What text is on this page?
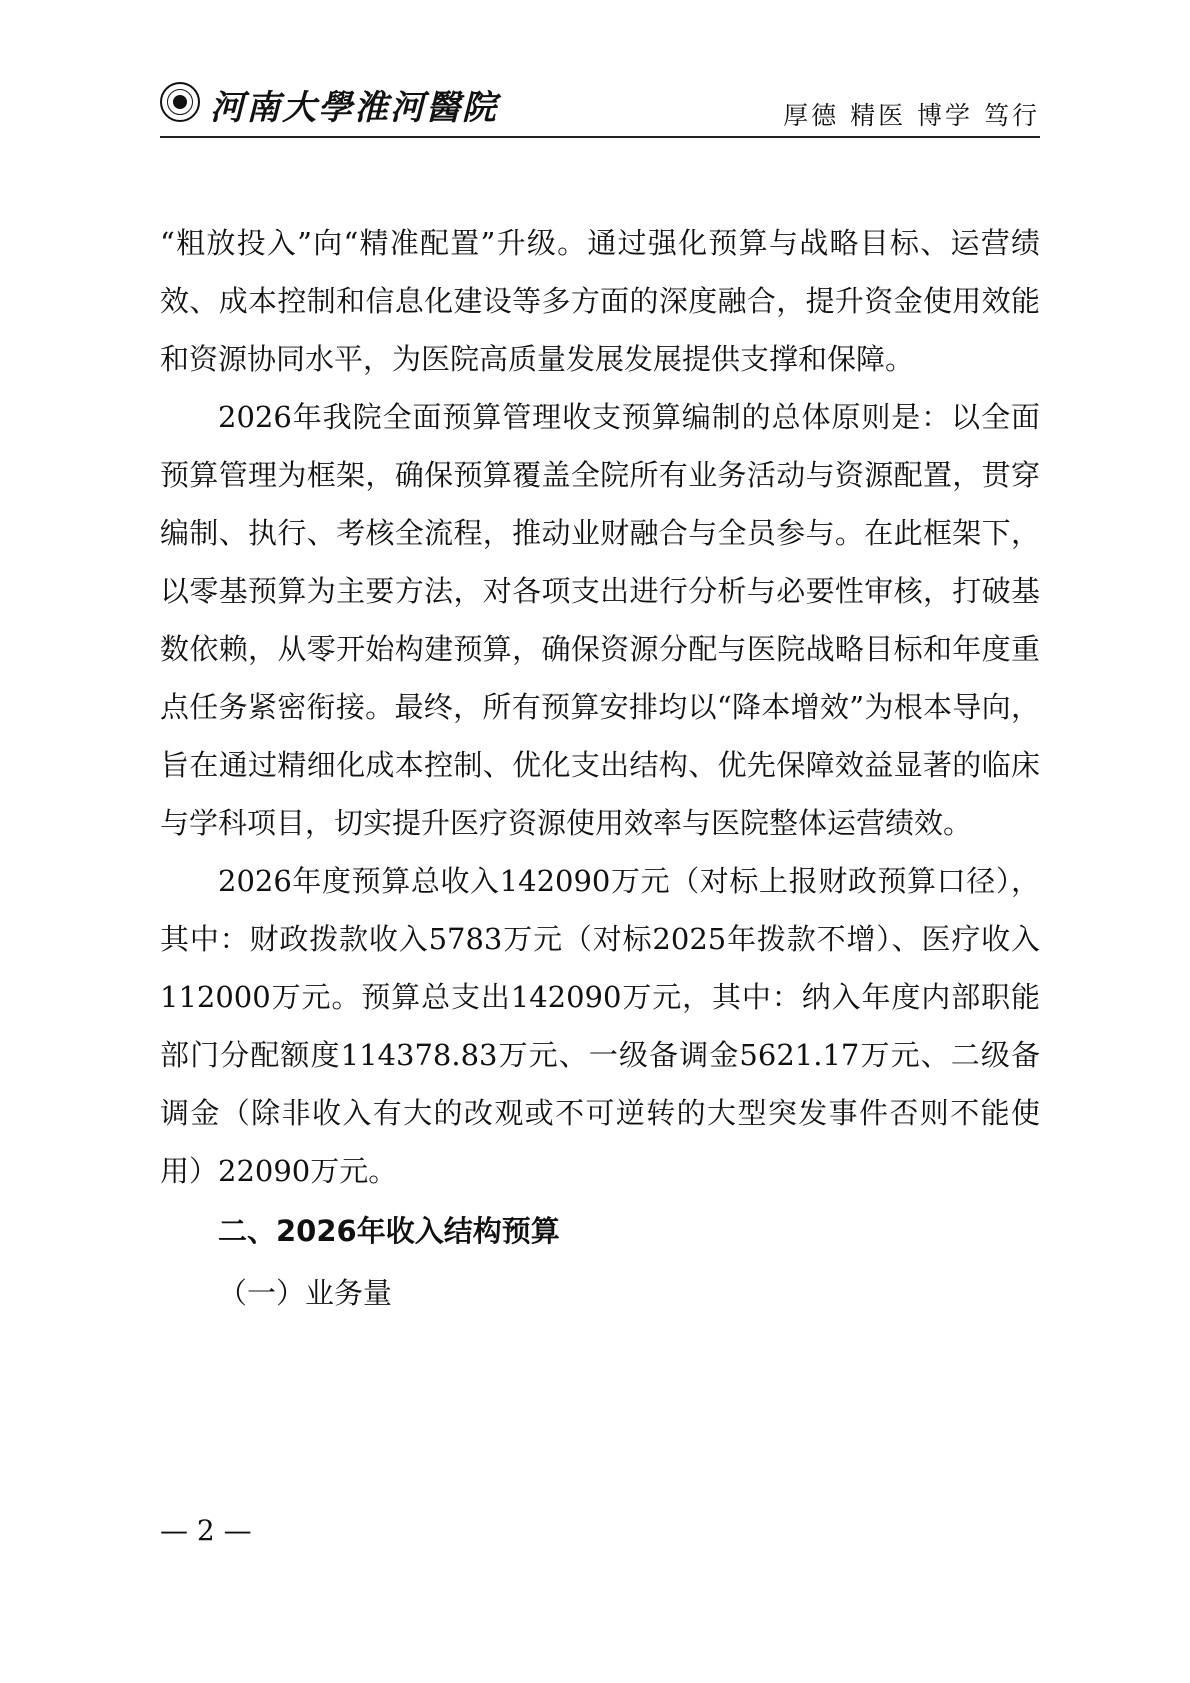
河南大學淮河醫院	厚德 精医 博学 笃行

“粗放投入”向“精准配置”升级。通过强化预算与战略目标、运营绩效、成本控制和信息化建设等多方面的深度融合，提升资金使用效能和资源协同水平，为医院高质量发展发展提供支撑和保障。

2026年我院全面预算管理收支预算编制的总体原则是：以全面预算管理为框架，确保预算覆盖全院所有业务活动与资源配置，贯穿编制、执行、考核全流程，推动业财融合与全员参与。在此框架下，以零基预算为主要方法，对各项支出进行分析与必要性审核，打破基数依赖，从零开始构建预算，确保资源分配与医院战略目标和年度重点任务紧密衔接。最终，所有预算安排均以“降本增效”为根本导向，旨在通过精细化成本控制、优化支出结构、优先保障效益显著的临床与学科项目，切实提升医疗资源使用效率与医院整体运营绩效。

2026年度预算总收入142090万元（对标上报财政预算口径），其中：财政拨款收入5783万元（对标2025年拨款不增）、医疗收入112000万元。预算总支出142090万元，其中：纳入年度内部职能部门分配额度114378.83万元、一级备调金5621.17万元、二级备调金（除非收入有大的改观或不可逆转的大型突发事件否则不能使用）22090万元。

二、2026年收入结构预算

（一）业务量

— 2 —
